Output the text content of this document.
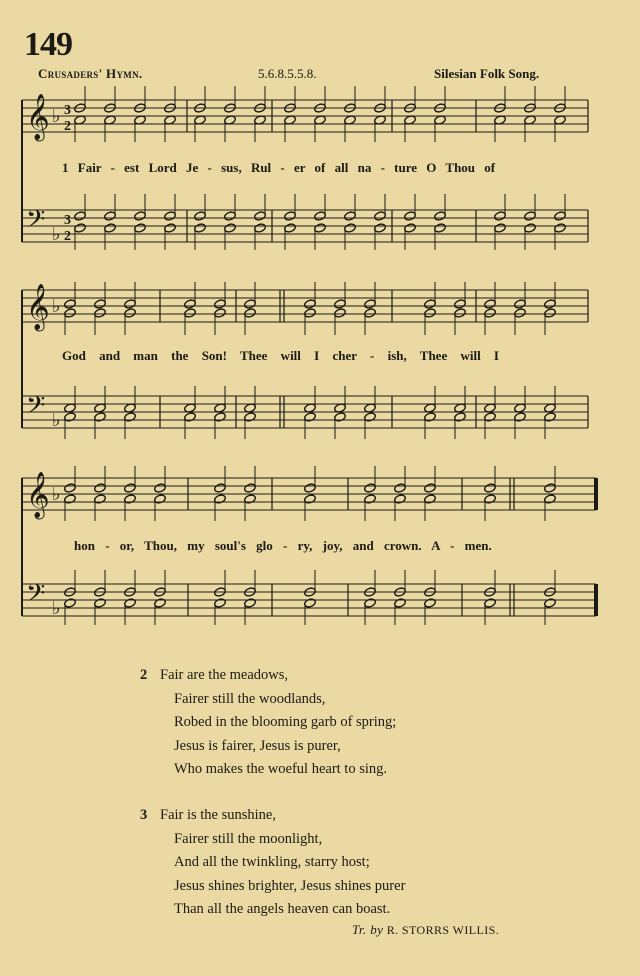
149
Crusaders' Hymn.	5.6.8.5.5.8.	Silesian Folk Song.
𝄞
𝄢
♭
♭
3
2
3
2
𝄞
𝄢
♭
♭
𝄞
𝄢
♭
♭
1 Fair - est Lord Je - sus, Rul - er of all na - ture O Thou of
God and man the Son! Thee will I cher - ish, Thee will I
hon - or, Thou, my soul's glo - ry, joy, and crown. A - men.
2 Fair are the meadows,
Fairer still the woodlands,
Robed in the blooming garb of spring;
Jesus is fairer, Jesus is purer,
Who makes the woeful heart to sing.
3 Fair is the sunshine,
Fairer still the moonlight,
And all the twinkling, starry host;
Jesus shines brighter, Jesus shines purer
Than all the angels heaven can boast.
Tr. by R. STORRS WILLIS.
